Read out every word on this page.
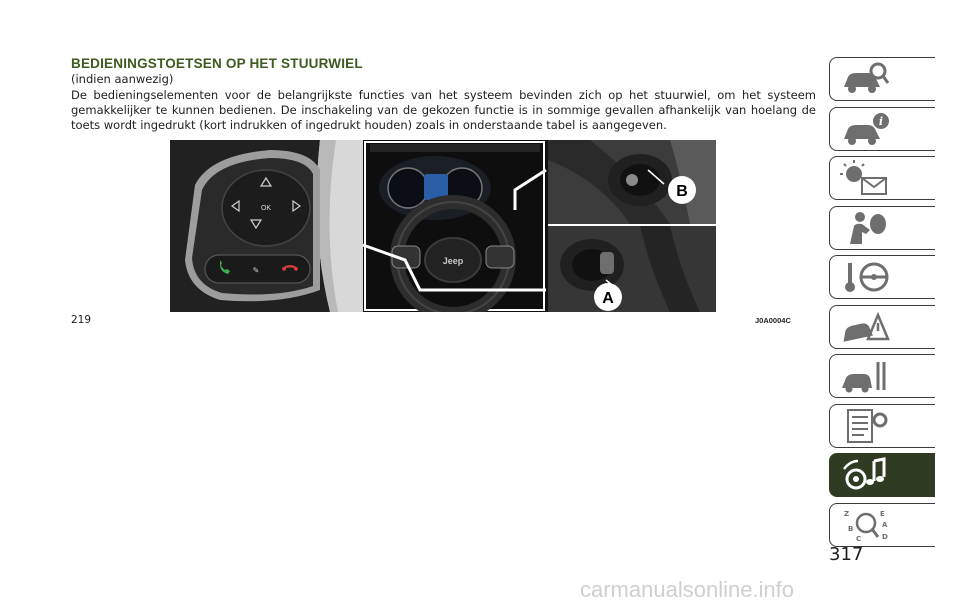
BEDIENINGSTOETSEN OP HET STUURWIEL
(indien aanwezig)
De bedieningselementen voor de belangrijkste functies van het systeem bevinden zich op het stuurwiel, om het systeem gemakkelijker te kunnen bedienen. De inschakeling van de gekozen functie is in sommige gevallen afhankelijk van hoelang de toets wordt ingedrukt (kort indrukken of ingedrukt houden) zoals in onderstaande tabel is aangegeven.
OK
✎
Jeep
B
A
219	J0A0004C
i
Z	E
B	A
C	D
317
carmanualsonline.info
